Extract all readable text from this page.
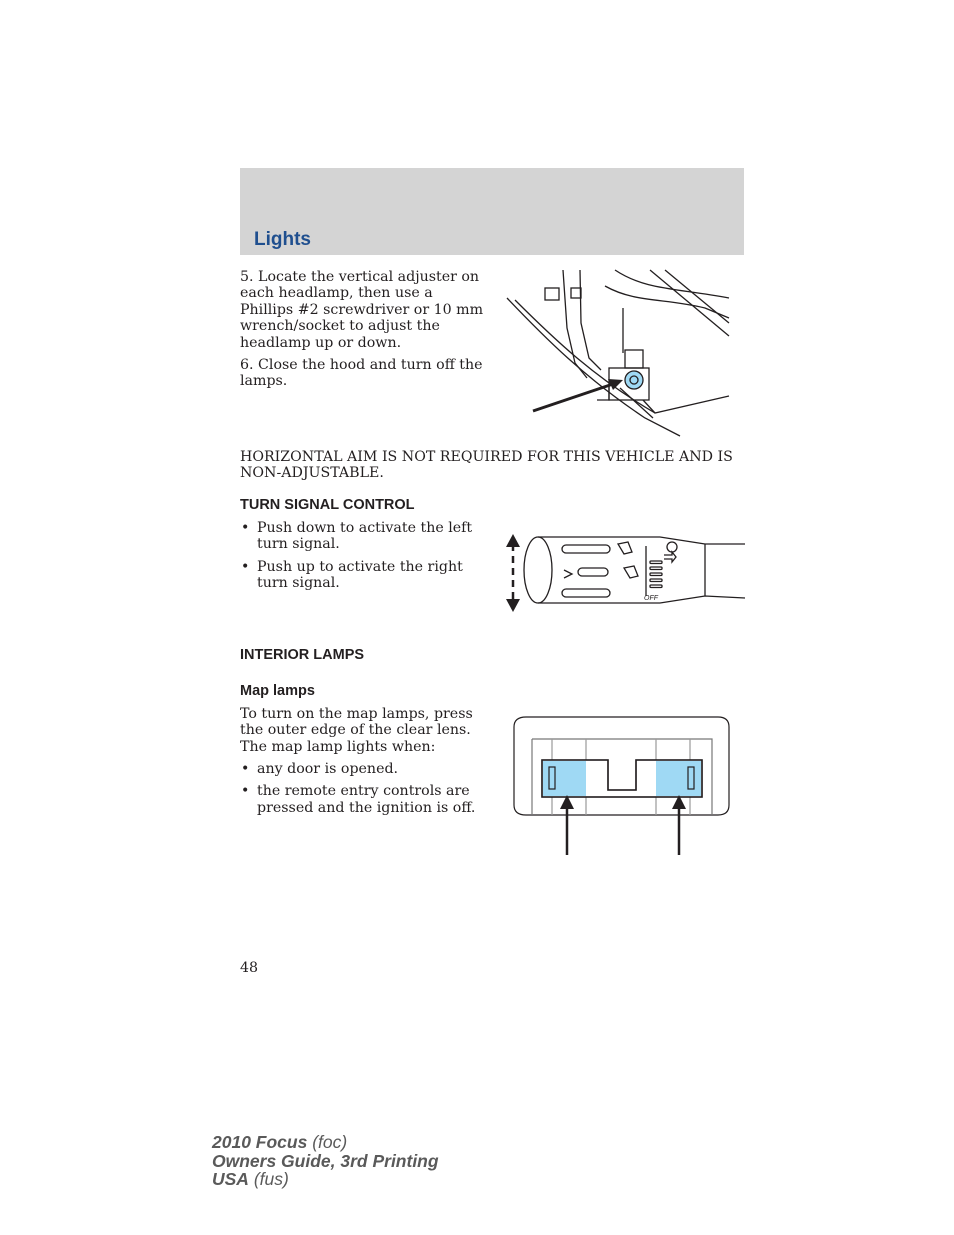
Lights

5. Locate the vertical adjuster on each headlamp, then use a Phillips #2 screwdriver or 10 mm wrench/socket to adjust the headlamp up or down.

6. Close the hood and turn off the lamps.

HORIZONTAL AIM IS NOT REQUIRED FOR THIS VEHICLE AND IS NON-ADJUSTABLE.

TURN SIGNAL CONTROL
• Push down to activate the left turn signal.
• Push up to activate the right turn signal.
OFF
INTERIOR LAMPS
Map lamps

To turn on the map lamps, press the outer edge of the clear lens. The map lamp lights when:

• any door is opened.
• the remote entry controls are pressed and the ignition is off.
48
2010 Focus (foc)
Owners Guide, 3rd Printing
USA (fus)
